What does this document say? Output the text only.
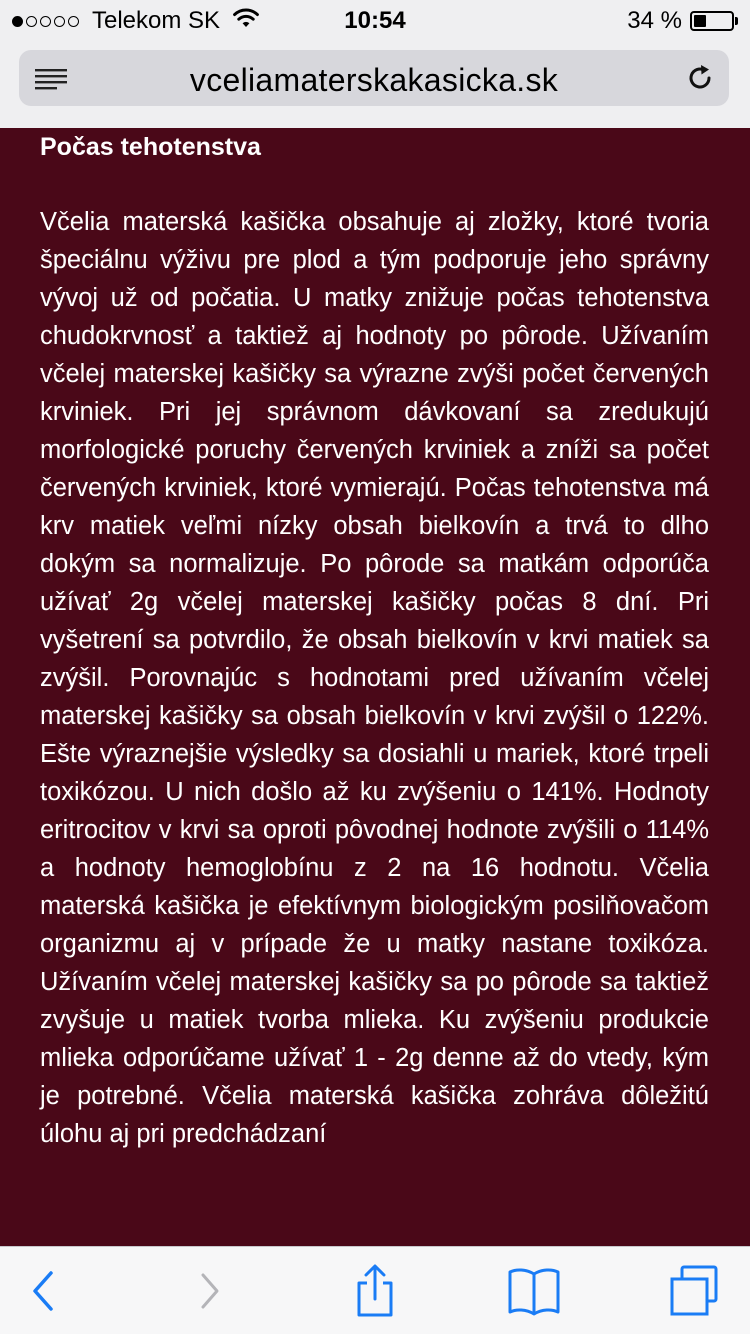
Telekom SK	10:54	34 %
vceliamaterskakasicka.sk
Počas tehotenstva

Včelia materská kašička obsahuje aj zložky, ktoré tvoria špeciálnu výživu pre plod a tým podporuje jeho správny vývoj už od počatia. U matky znižuje počas tehotenstva chudokrvnosť a taktiež aj hodnoty po pôrode. Užívaním včelej materskej kašičky sa výrazne zvýši počet červených krviniek. Pri jej správnom dávkovaní sa zredukujú morfologické poruchy červených krviniek a zníži sa počet červených krviniek, ktoré vymierajú. Počas tehotenstva má krv matiek veľmi nízky obsah bielkovín a trvá to dlho dokým sa normalizuje. Po pôrode sa matkám odporúča užívať 2g včelej materskej kašičky počas 8 dní. Pri vyšetrení sa potvrdilo, že obsah bielkovín v krvi matiek sa zvýšil. Porovnajúc s hodnotami pred užívaním včelej materskej kašičky sa obsah bielkovín v krvi zvýšil o 122%. Ešte výraznejšie výsledky sa dosiahli u mariek, ktoré trpeli toxikózou. U nich došlo až ku zvýšeniu o 141%. Hodnoty eritrocitov v krvi sa oproti pôvodnej hodnote zvýšili o 114% a hodnoty hemoglobínu z 2 na 16 hodnotu. Včelia materská kašička je efektívnym biologickým posilňovačom organizmu aj v prípade že u matky nastane toxikóza. Užívaním včelej materskej kašičky sa po pôrode sa taktiež zvyšuje u matiek tvorba mlieka. Ku zvýšeniu produkcie mlieka odporúčame užívať 1 - 2g denne až do vtedy, kým je potrebné. Včelia materská kašička zohráva dôležitú úlohu aj pri predchádzaní
